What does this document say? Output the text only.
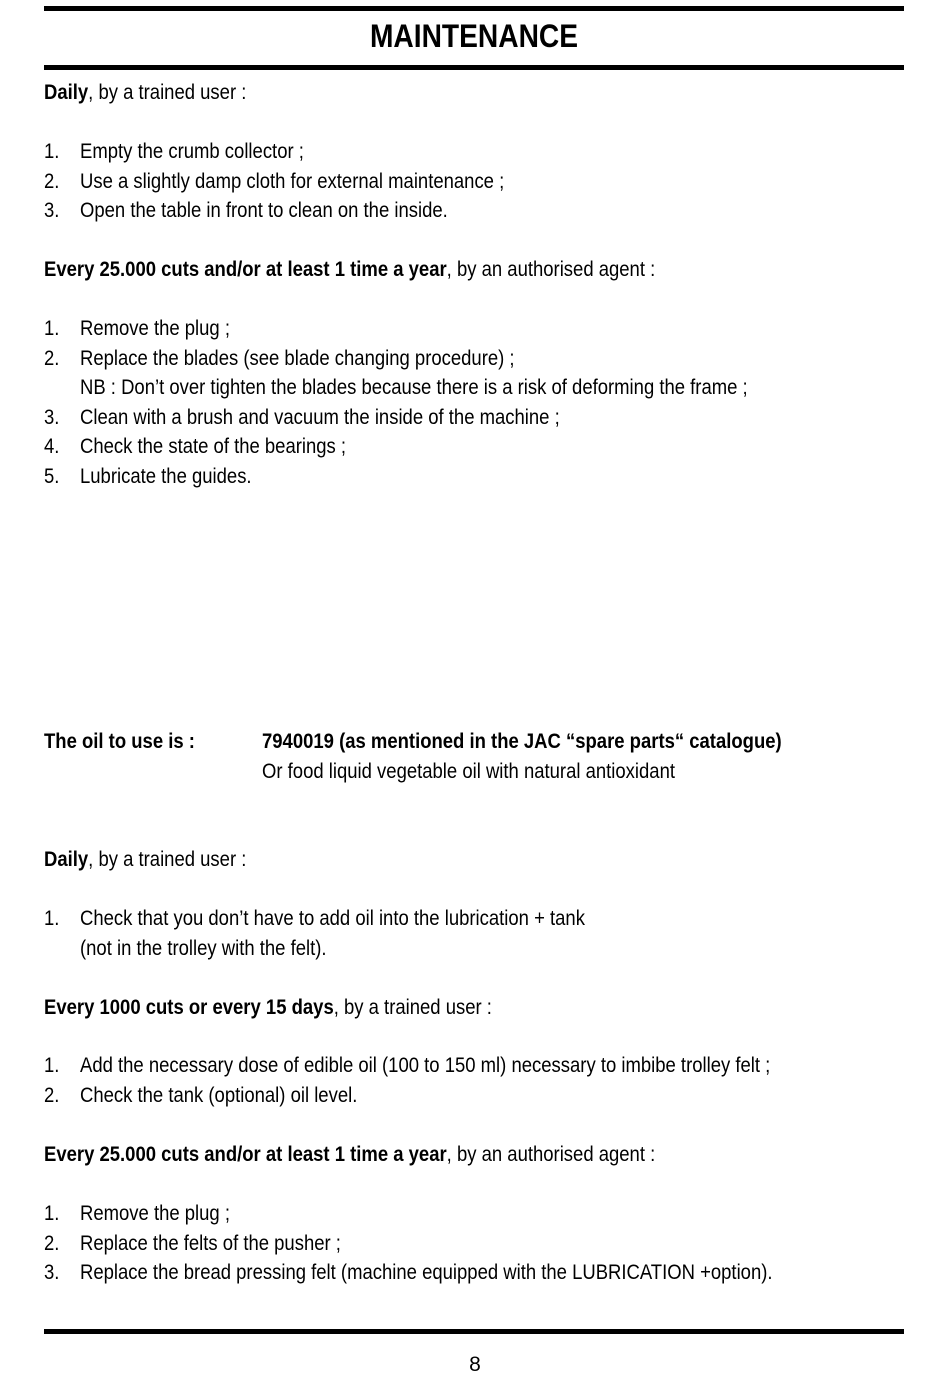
MAINTENANCE
Daily, by a trained user :
1. Empty the crumb collector ;
2. Use a slightly damp cloth for external maintenance ;
3. Open the table in front to clean on the inside.
Every 25.000 cuts and/or at least 1 time a year, by an authorised agent :
1. Remove the plug ;
2. Replace the blades (see blade changing procedure) ;
NB : Don’t over tighten the blades because there is a risk of deforming the frame ;
3. Clean with a brush and vacuum the inside of the machine ;
4. Check the state of the bearings ;
5. Lubricate the guides.
The oil to use is :	7940019 (as mentioned in the JAC “spare parts“ catalogue)
Or food liquid vegetable oil with natural antioxidant
Daily, by a trained user :
1. Check that you don’t have to add oil into the lubrication + tank
(not in the trolley with the felt).
Every 1000 cuts or every 15 days, by a trained user :
1. Add the necessary dose of edible oil (100 to 150 ml) necessary to imbibe trolley felt ;
2. Check the tank (optional) oil level.
Every 25.000 cuts and/or at least 1 time a year, by an authorised agent :
1. Remove the plug ;
2. Replace the felts of the pusher ;
3. Replace the bread pressing felt (machine equipped with the LUBRICATION +option).
8
